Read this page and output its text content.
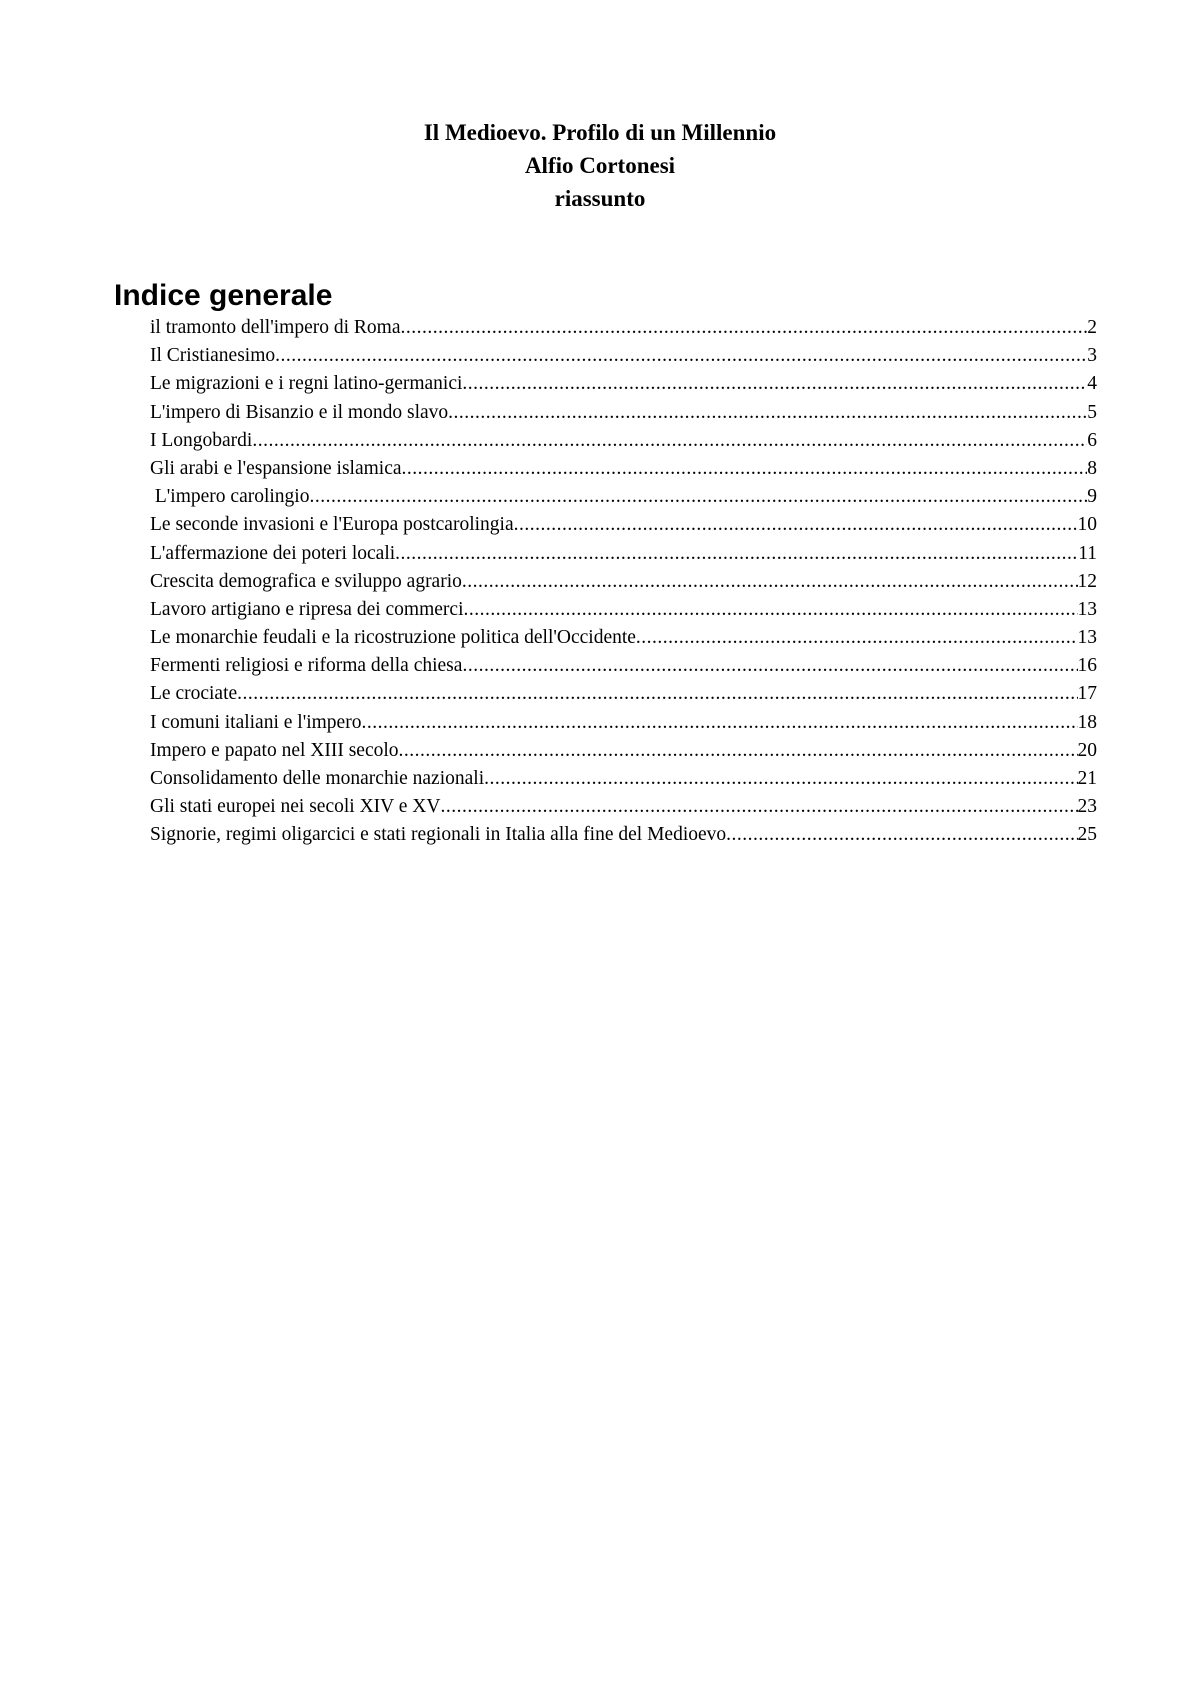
Il Medioevo. Profilo di un Millennio
Alfio Cortonesi
riassunto
Indice generale
il tramonto dell'impero di Roma .....	2
Il Cristianesimo .....	3
Le migrazioni e i regni latino-germanici .....	4
L'impero di Bisanzio e il mondo slavo .....	5
I Longobardi .....	6
Gli arabi e l'espansione islamica .....	8
L'impero carolingio .....	9
Le seconde invasioni e l'Europa postcarolingia .....	10
L'affermazione dei poteri locali .....	11
Crescita demografica e sviluppo agrario .....	12
Lavoro artigiano e ripresa dei commerci .....	13
Le monarchie feudali e la ricostruzione politica dell'Occidente .....	13
Fermenti religiosi e riforma della chiesa .....	16
Le crociate .....	17
I comuni italiani e l'impero .....	18
Impero e papato nel XIII secolo .....	20
Consolidamento delle monarchie nazionali .....	21
Gli stati europei nei secoli XIV e XV .....	23
Signorie, regimi oligarcici e stati regionali in Italia alla fine del Medioevo .....	25
